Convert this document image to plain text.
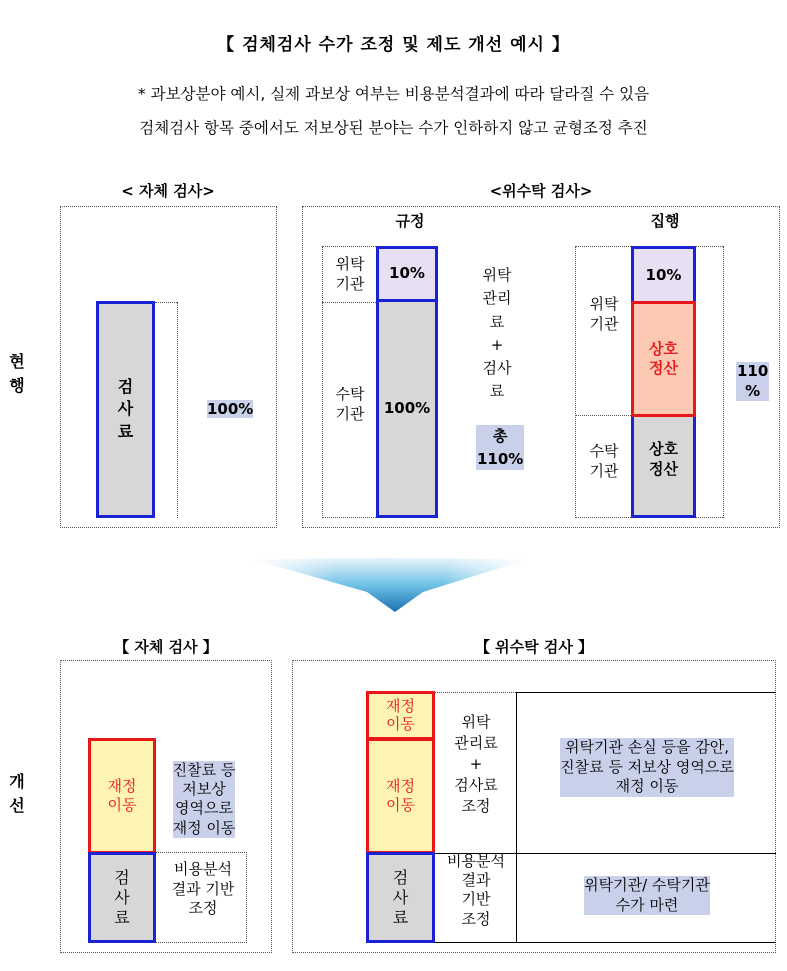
【 검체검사 수가 조정 및 제도 개선 예시 】
* 과보상분야 예시, 실제 과보상 여부는 비용분석결과에 따라 달라질 수 있음
검체검사 항목 중에서도 저보상된 분야는 수가 인하하지 않고 균형조정 추진
현행
< 자체 검사>
검사료
100%
<위수탁 검사>
규정
위탁
기관
수탁
기관
10%
100%
위탁
관리
료
+
검사
료
총
110%
집행
위탁
기관
수탁
기관
10%
상호
정산
상호
정산	110
%
개선
【 자체 검사 】
재정
이동
검
사
료
진찰료 등
저보상
영역으로
재정 이동
비용분석
결과 기반
조정
【 위수탁 검사 】
재정
이동
재정
이동
검
사
료
위탁
관리료
+
검사료
조정
비용분석
결과
기반
조정
위탁기관 손실 등을 감안,
진찰료 등 저보상 영역으로
재정 이동
위탁기관/ 수탁기관
수가 마련
